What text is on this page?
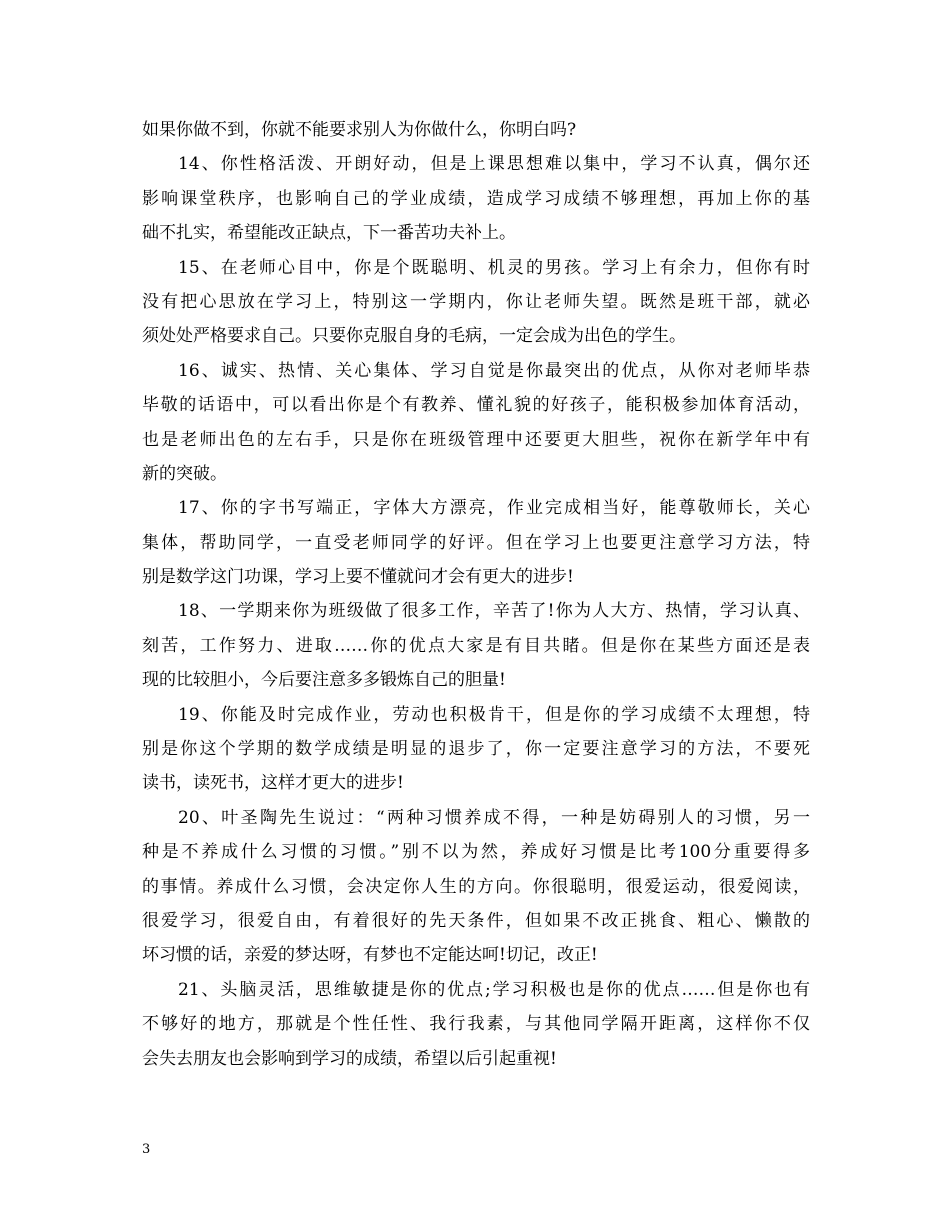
如果你做不到，你就不能要求别人为你做什么，你明白吗?
14、你性格活泼、开朗好动，但是上课思想难以集中，学习不认真，偶尔还
影响课堂秩序，也影响自己的学业成绩，造成学习成绩不够理想，再加上你的基
础不扎实，希望能改正缺点，下一番苦功夫补上。
15、在老师心目中，你是个既聪明、机灵的男孩。学习上有余力，但你有时
没有把心思放在学习上，特别这一学期内，你让老师失望。既然是班干部，就必
须处处严格要求自己。只要你克服自身的毛病，一定会成为出色的学生。
16、诚实、热情、关心集体、学习自觉是你最突出的优点，从你对老师毕恭
毕敬的话语中，可以看出你是个有教养、懂礼貌的好孩子，能积极参加体育活动，
也是老师出色的左右手，只是你在班级管理中还要更大胆些，祝你在新学年中有
新的突破。
17、你的字书写端正，字体大方漂亮，作业完成相当好，能尊敬师长，关心
集体，帮助同学，一直受老师同学的好评。但在学习上也要更注意学习方法，特
别是数学这门功课，学习上要不懂就问才会有更大的进步!
18、一学期来你为班级做了很多工作，辛苦了!你为人大方、热情，学习认真、
刻苦，工作努力、进取……你的优点大家是有目共睹。但是你在某些方面还是表
现的比较胆小，今后要注意多多锻炼自己的胆量!
19、你能及时完成作业，劳动也积极肯干，但是你的学习成绩不太理想，特
别是你这个学期的数学成绩是明显的退步了，你一定要注意学习的方法，不要死
读书，读死书，这样才更大的进步!
20、叶圣陶先生说过：“两种习惯养成不得，一种是妨碍别人的习惯，另一
种是不养成什么习惯的习惯。”别不以为然，养成好习惯是比考100分重要得多
的事情。养成什么习惯，会决定你人生的方向。你很聪明，很爱运动，很爱阅读，
很爱学习，很爱自由，有着很好的先天条件，但如果不改正挑食、粗心、懒散的
坏习惯的话，亲爱的梦达呀，有梦也不定能达呵!切记，改正!
21、头脑灵活，思维敏捷是你的优点;学习积极也是你的优点……但是你也有
不够好的地方，那就是个性任性、我行我素，与其他同学隔开距离，这样你不仅
会失去朋友也会影响到学习的成绩，希望以后引起重视!
3
